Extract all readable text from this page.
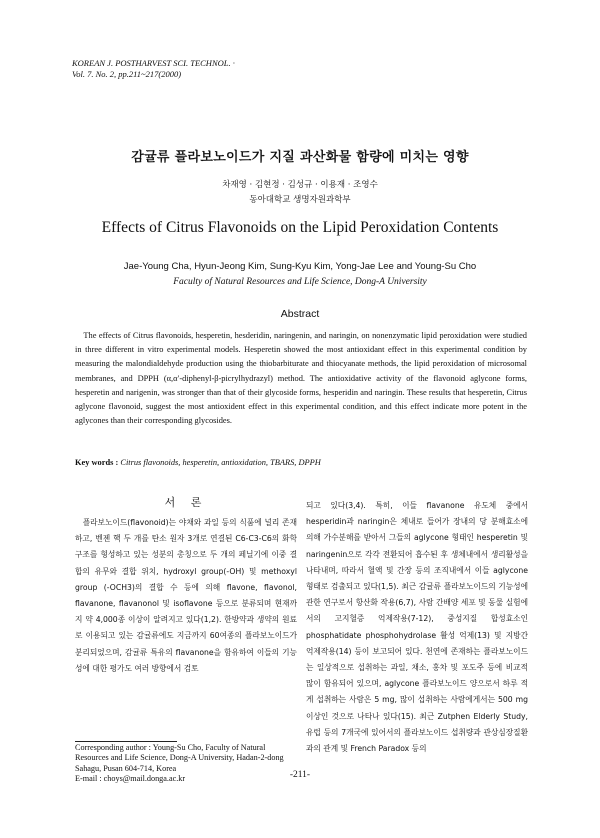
KOREAN J. POSTHARVEST SCI. TECHNOL. ·
Vol. 7. No. 2, pp.211~217(2000)
감귤류 플라보노이드가 지질 과산화물 함량에 미치는 영향
차재영 · 김현정 · 김성규 · 이용재 · 조영수
동아대학교 생명자원과학부
Effects of Citrus Flavonoids on the Lipid Peroxidation Contents
Jae-Young Cha, Hyun-Jeong Kim, Sung-Kyu Kim, Yong-Jae Lee and Young-Su Cho
Faculty of Natural Resources and Life Science, Dong-A University
Abstract
The effects of Citrus flavonoids, hesperetin, hesderidin, naringenin, and naringin, on nonenzymatic lipid peroxidation were studied in three different in vitro experimental models. Hesperetin showed the most antioxidant effect in this experimental condition by measuring the malondialdehyde production using the thiobarbiturate and thiocyanate methods, the lipid peroxidation of microsomal membranes, and DPPH (α,α′-diphenyl-β-picrylhydrazyl) method. The antioxidative activity of the flavonoid aglycone forms, hesperetin and narigenin, was stronger than that of their glycoside forms, hesperidin and naringin. These results that hesperetin, Citrus aglycone flavonoid, suggest the most antioxident effect in this experimental condition, and this effect indicate more potent in the aglycones than their corresponding glycosides.
Key words : Citrus flavonoids, hesperetin, antioxidation, TBARS, DPPH
서 론
플라보노이드(flavonoid)는 야채와 과일 등의 식품에 널리 존재하고, 벤젠 핵 두 개를 탄소 원자 3개로 연결된 C6-C3-C6의 화학 구조를 형성하고 있는 성분의 총칭으로 두 개의 페닐기에 이중 결합의 유무와 결합 위치, hydroxyl group(-OH) 및 methoxyl group (-OCH3)의 결합 수 등에 의해 flavone, flavonol, flavanone, flavanonol 및 isoflavone 등으로 분류되며 현재까지 약 4,000종 이상이 알려지고 있다(1,2). 한방약과 생약의 원료로 이용되고 있는 감귤류에도 지금까지 60여종의 플라보노이드가 분리되었으며, 감귤류 특유의 flavanone을 함유하여 이들의 기능성에 대한 평가도 여러 방향에서 검토
되고 있다(3,4). 특히, 이들 flavanone 유도체 중에서 hesperidin과 naringin은 체내로 들어가 장내의 당 분해효소에 의해 가수분해를 받아서 그들의 aglycone 형태인 hesperetin 및 naringenin으로 각각 전환되어 흡수된 후 생체내에서 생리활성을 나타내며, 따라서 혈액 및 간장 등의 조직내에서 이들 aglycone 형태로 검출되고 있다(1,5). 최근 감귤류 플라보노이드의 기능성에 관한 연구로서 항산화 작용(6,7), 사람 간배양 세포 및 동물 실험에서의 고지혈증 억제작용(7-12), 중성지질 합성효소인 phosphatidate phosphohydrolase 활성 억제(13) 및 지방간 억제작용(14) 등이 보고되어 있다. 천연에 존재하는 플라보노이드는 일상적으로 섭취하는 과일, 채소, 홍차 및 포도주 등에 비교적 많이 함유되어 있으며, aglycone 플라보노이드 양으로서 하루 적게 섭취하는 사람은 5 mg, 많이 섭취하는 사람에게서는 500 mg 이상인 것으로 나타나 있다(15). 최근 Zutphen Elderly Study, 유럽 등의 7개국에 있어서의 플라보노이드 섭취량과 관상심장질환과의 관계 및 French Paradox 등의
Corresponding author : Young-Su Cho, Faculty of Natural Resources and Life Science, Dong-A University, Hadan-2-dong Sahagu, Pusan 604-714, Korea
E-mail : choys@mail.donga.ac.kr	-211-
